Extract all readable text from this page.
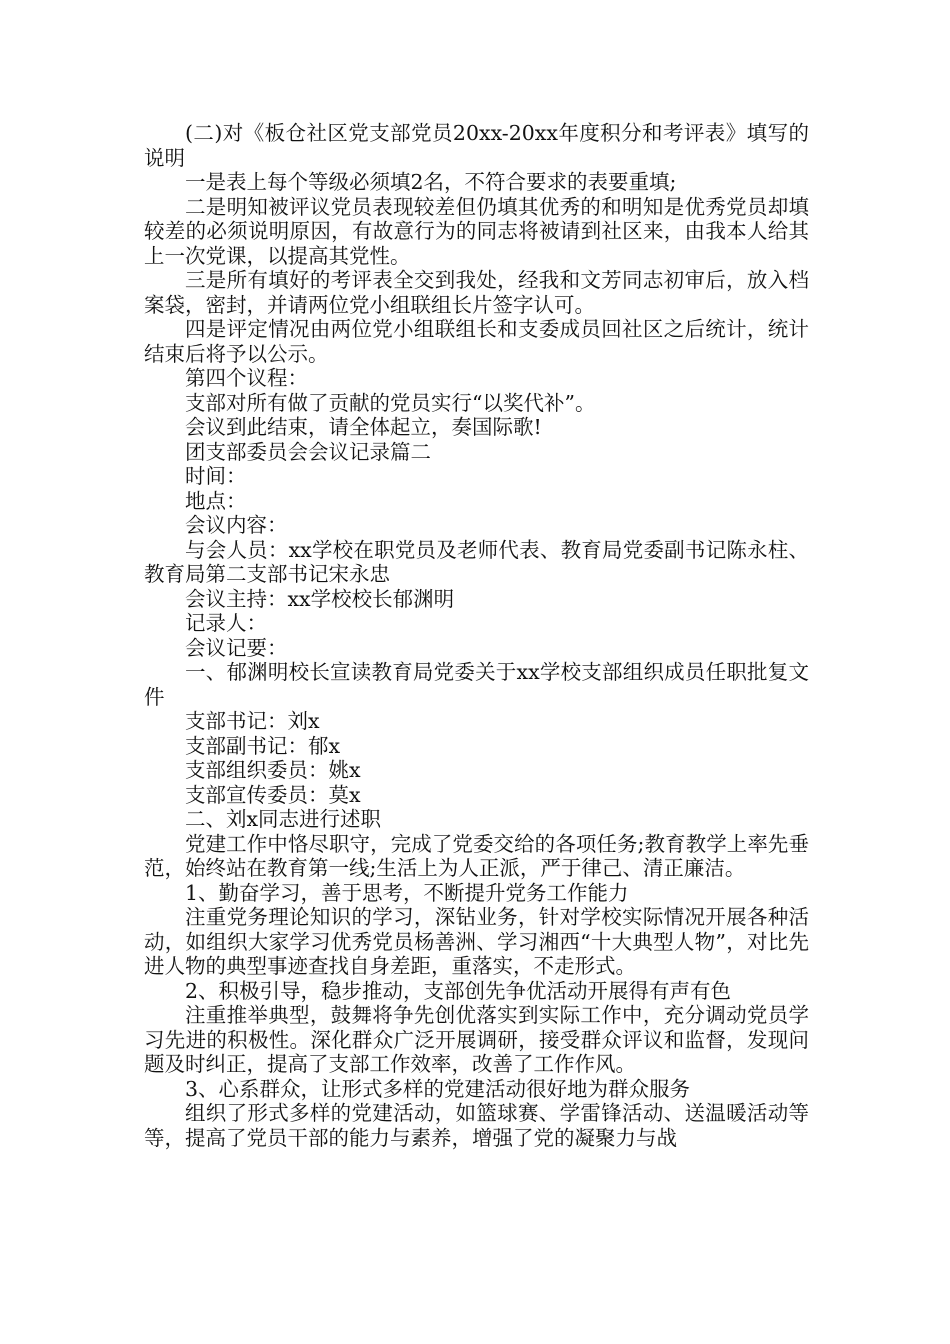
(二)对《板仓社区党支部党员20xx-20xx年度积分和考评表》填写的说明

一是表上每个等级必须填2名，不符合要求的表要重填;

二是明知被评议党员表现较差但仍填其优秀的和明知是优秀党员却填较差的必须说明原因，有故意行为的同志将被请到社区来，由我本人给其上一次党课，以提高其党性。

三是所有填好的考评表全交到我处，经我和文芳同志初审后，放入档案袋，密封，并请两位党小组联组长片签字认可。

四是评定情况由两位党小组联组长和支委成员回社区之后统计，统计结束后将予以公示。

第四个议程：

支部对所有做了贡献的党员实行“以奖代补”。

会议到此结束，请全体起立，奏国际歌!

团支部委员会会议记录篇二

时间：

地点：

会议内容：

与会人员：xx学校在职党员及老师代表、教育局党委副书记陈永柱、教育局第二支部书记宋永忠

会议主持：xx学校校长郁渊明

记录人：

会议记要：

一、郁渊明校长宣读教育局党委关于xx学校支部组织成员任职批复文件

支部书记：刘x

支部副书记：郁x

支部组织委员：姚x

支部宣传委员：莫x

二、刘x同志进行述职

党建工作中恪尽职守，完成了党委交给的各项任务;教育教学上率先垂范，始终站在教育第一线;生活上为人正派，严于律己、清正廉洁。

1、勤奋学习，善于思考，不断提升党务工作能力

注重党务理论知识的学习，深钻业务，针对学校实际情况开展各种活动，如组织大家学习优秀党员杨善洲、学习湘西“十大典型人物”，对比先进人物的典型事迹查找自身差距，重落实，不走形式。

2、积极引导，稳步推动，支部创先争优活动开展得有声有色

注重推举典型，鼓舞将争先创优落实到实际工作中，充分调动党员学习先进的积极性。深化群众广泛开展调研，接受群众评议和监督，发现问题及时纠正，提高了支部工作效率，改善了工作作风。

3、心系群众，让形式多样的党建活动很好地为群众服务

组织了形式多样的党建活动，如篮球赛、学雷锋活动、送温暖活动等等，提高了党员干部的能力与素养，增强了党的凝聚力与战
